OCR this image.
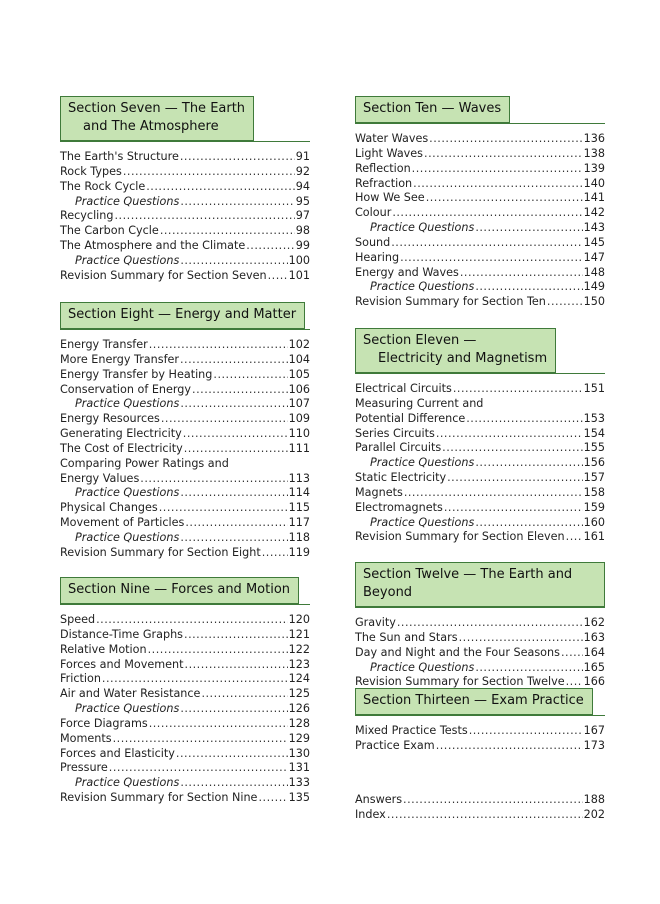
Section Seven — The Earth
and The Atmosphere
The Earth's Structure .....	91
Rock Types .....	92
The Rock Cycle .....	94
Practice Questions .....	95
Recycling .....	97
The Carbon Cycle .....	98
The Atmosphere and the Climate .....	99
Practice Questions .....	100
Revision Summary for Section Seven ..... 101
Section Eight — Energy and Matter
Energy Transfer .....	102
More Energy Transfer .....	104
Energy Transfer by Heating .....	105
Conservation of Energy .....	106
Practice Questions .....	107
Energy Resources .....	109
Generating Electricity .....	110
The Cost of Electricity .....	111
Comparing Power Ratings and
Energy Values .....	113
Practice Questions .....	114
Physical Changes .....	115
Movement of Particles .....	117
Practice Questions .....	118
Revision Summary for Section Eight ..... 119
Section Nine — Forces and Motion
Speed .....	120
Distance-Time Graphs .....	121
Relative Motion .....	122
Forces and Movement .....	123
Friction .....	124
Air and Water Resistance .....	125
Practice Questions .....	126
Force Diagrams .....	128
Moments .....	129
Forces and Elasticity .....	130
Pressure .....	131
Practice Questions .....	133
Revision Summary for Section Nine .....	135
Section Ten — Waves
Water Waves .....	136
Light Waves .....	138
Reflection .....	139
Refraction .....	140
How We See .....	141
Colour .....	142
Practice Questions .....	143
Sound .....	145
Hearing .....	147
Energy and Waves .....	148
Practice Questions .....	149
Revision Summary for Section Ten .....	150
Section Eleven —
Electricity and Magnetism
Electrical Circuits .....	151
Measuring Current and
Potential Difference .....	153
Series Circuits .....	154
Parallel Circuits .....	155
Practice Questions .....	156
Static Electricity .....	157
Magnets .....	158
Electromagnets .....	159
Practice Questions .....	160
Revision Summary for Section Eleven ..... 161
Section Twelve — The Earth and Beyond
Gravity .....	162
The Sun and Stars .....	163
Day and Night and the Four Seasons ..... 164
Practice Questions .....	165
Revision Summary for Section Twelve ..... 166
Section Thirteen — Exam Practice
Mixed Practice Tests .....	167
Practice Exam .....	173
Answers .....	188
Index .....	202
